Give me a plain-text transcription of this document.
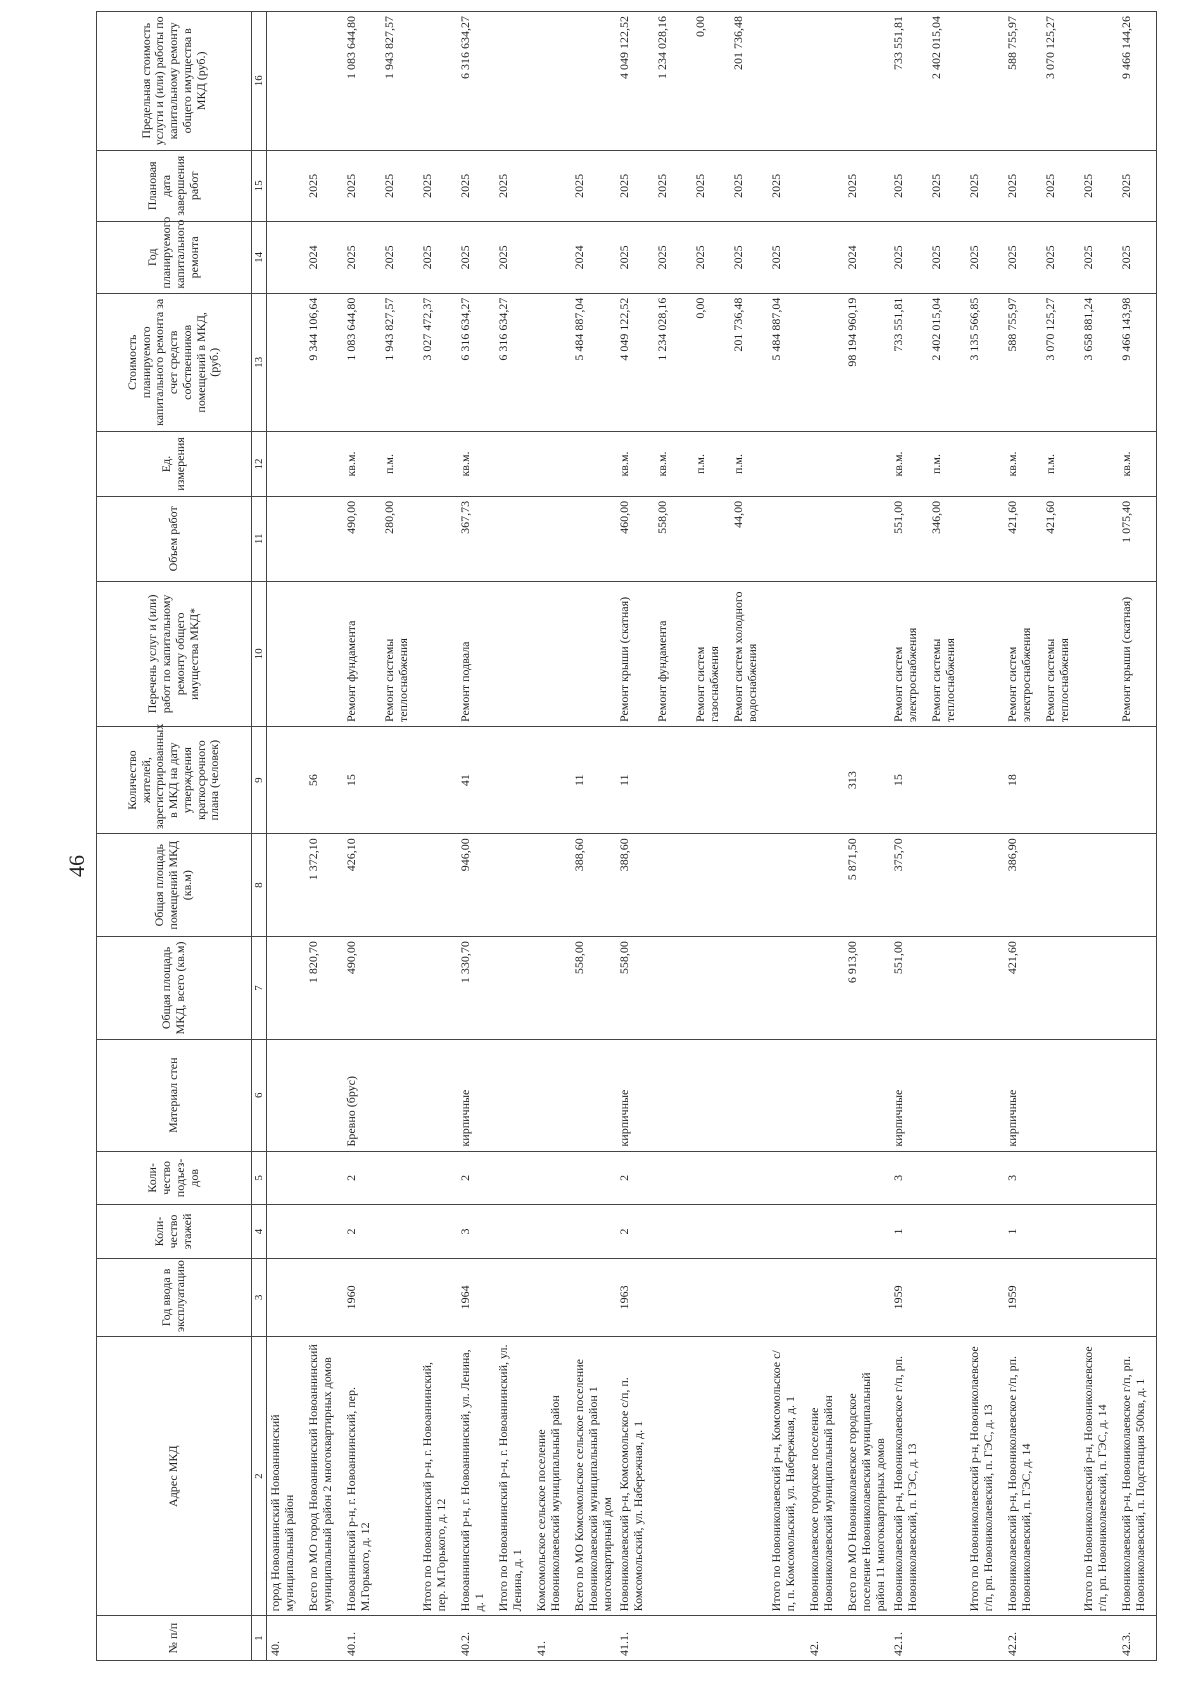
46
№ п/п	Адрес МКД	Год ввода в эксплуатацию	Коли-чество этажей	Коли-чество подъез-дов	Материал стен	Общая площадь МКД, всего (кв.м)	Общая площадь помещений МКД (кв.м)	Количество жителей, зарегистрированных в МКД на дату утверждения краткосрочного плана (человек)	Перечень услуг и (или) работ по капитальному ремонту общего имущества МКД*	Объем работ	Ед. измерения	Стоимость планируемого капитального ремонта за счет средств собственников помещений в МКД, (руб.)	Год планируемого капитального ремонта	Плановая дата завершения работ	Предельная стоимость услуги и (или) работы по капитальному ремонту общего имущества в МКД (руб.)
1	2	3	4	5	6	7	8	9	10	11	12	13	14	15	16
40.	город Новоаннинский Новоаннинский муниципальный район														
	Всего по МО город Новоаннинский Новоаннинский муниципальный район 2 многоквартирных домов					1 820,70	1 372,10	56				9 344 106,64	2024	2025	
40.1.	Новоаннинский р-н, г. Новоаннинский, пер. М.Горького, д. 12	1960	2	2	Бревно (брус)	490,00	426,10	15	Ремонт фундамента	490,00	кв.м.	1 083 644,80	2025	2025	1 083 644,80
									Ремонт системы теплоснабжения	280,00	п.м.	1 943 827,57	2025	2025	1 943 827,57
	Итого по Новоаннинский р-н, г. Новоаннинский, пер. М.Горького, д. 12											3 027 472,37	2025	2025	
40.2.	Новоаннинский р-н, г. Новоаннинский, ул. Ленина, д. 1	1964	3	2	кирпичные	1 330,70	946,00	41	Ремонт подвала	367,73	кв.м.	6 316 634,27	2025	2025	6 316 634,27
	Итого по Новоаннинский р-н, г. Новоаннинский, ул. Ленина, д. 1											6 316 634,27	2025	2025	
41.	Комсомольское сельское поселение Новониколаевский муниципальный район														
	Всего по МО Комсомольское сельское поселение Новониколаевский муниципальный район 1 многоквартирный дом					558,00	388,60	11				5 484 887,04	2024	2025	
41.1.	Новониколаевский р-н, Комсомольское с/п, п. Комсомольский, ул. Набережная, д. 1	1963	2	2	кирпичные	558,00	388,60	11	Ремонт крыши (скатная)	460,00	кв.м.	4 049 122,52	2025	2025	4 049 122,52
									Ремонт фундамента	558,00	кв.м.	1 234 028,16	2025	2025	1 234 028,16
									Ремонт систем газоснабжения		п.м.	0,00	2025	2025	0,00
									Ремонт систем холодного водоснабжения	44,00	п.м.	201 736,48	2025	2025	201 736,48
	Итого по Новониколаевский р-н, Комсомольское с/п, п. Комсомольский, ул. Набережная, д. 1											5 484 887,04	2025	2025	
42.	Новониколаевское городское поселение Новониколаевский муниципальный район														
	Всего по МО Новониколаевское городское поселение Новониколаевский муниципальный район 11 многоквартирных домов					6 913,00	5 871,50	313				98 194 960,19	2024	2025	
42.1.	Новониколаевский р-н, Новониколаевское г/п, рп. Новониколаевский, п. ГЭС, д. 13	1959	1	3	кирпичные	551,00	375,70	15	Ремонт систем электроснабжения	551,00	кв.м.	733 551,81	2025	2025	733 551,81
									Ремонт системы теплоснабжения	346,00	п.м.	2 402 015,04	2025	2025	2 402 015,04
	Итого по Новониколаевский р-н, Новониколаевское г/п, рп. Новониколаевский, п. ГЭС, д. 13											3 135 566,85	2025	2025	
42.2.	Новониколаевский р-н, Новониколаевское г/п, рп. Новониколаевский, п. ГЭС, д. 14	1959	1	3	кирпичные	421,60	386,90	18	Ремонт систем электроснабжения	421,60	кв.м.	588 755,97	2025	2025	588 755,97
									Ремонт системы теплоснабжения	421,60	п.м.	3 070 125,27	2025	2025	3 070 125,27
	Итого по Новониколаевский р-н, Новониколаевское г/п, рп. Новониколаевский, п. ГЭС, д. 14											3 658 881,24	2025	2025	
42.3.	Новониколаевский р-н, Новониколаевское г/п, рп. Новониколаевский, п. Подстанция 500кв, д. 1								Ремонт крыши (скатная)	1 075,40	кв.м.	9 466 143,98	2025	2025	9 466 144,26
